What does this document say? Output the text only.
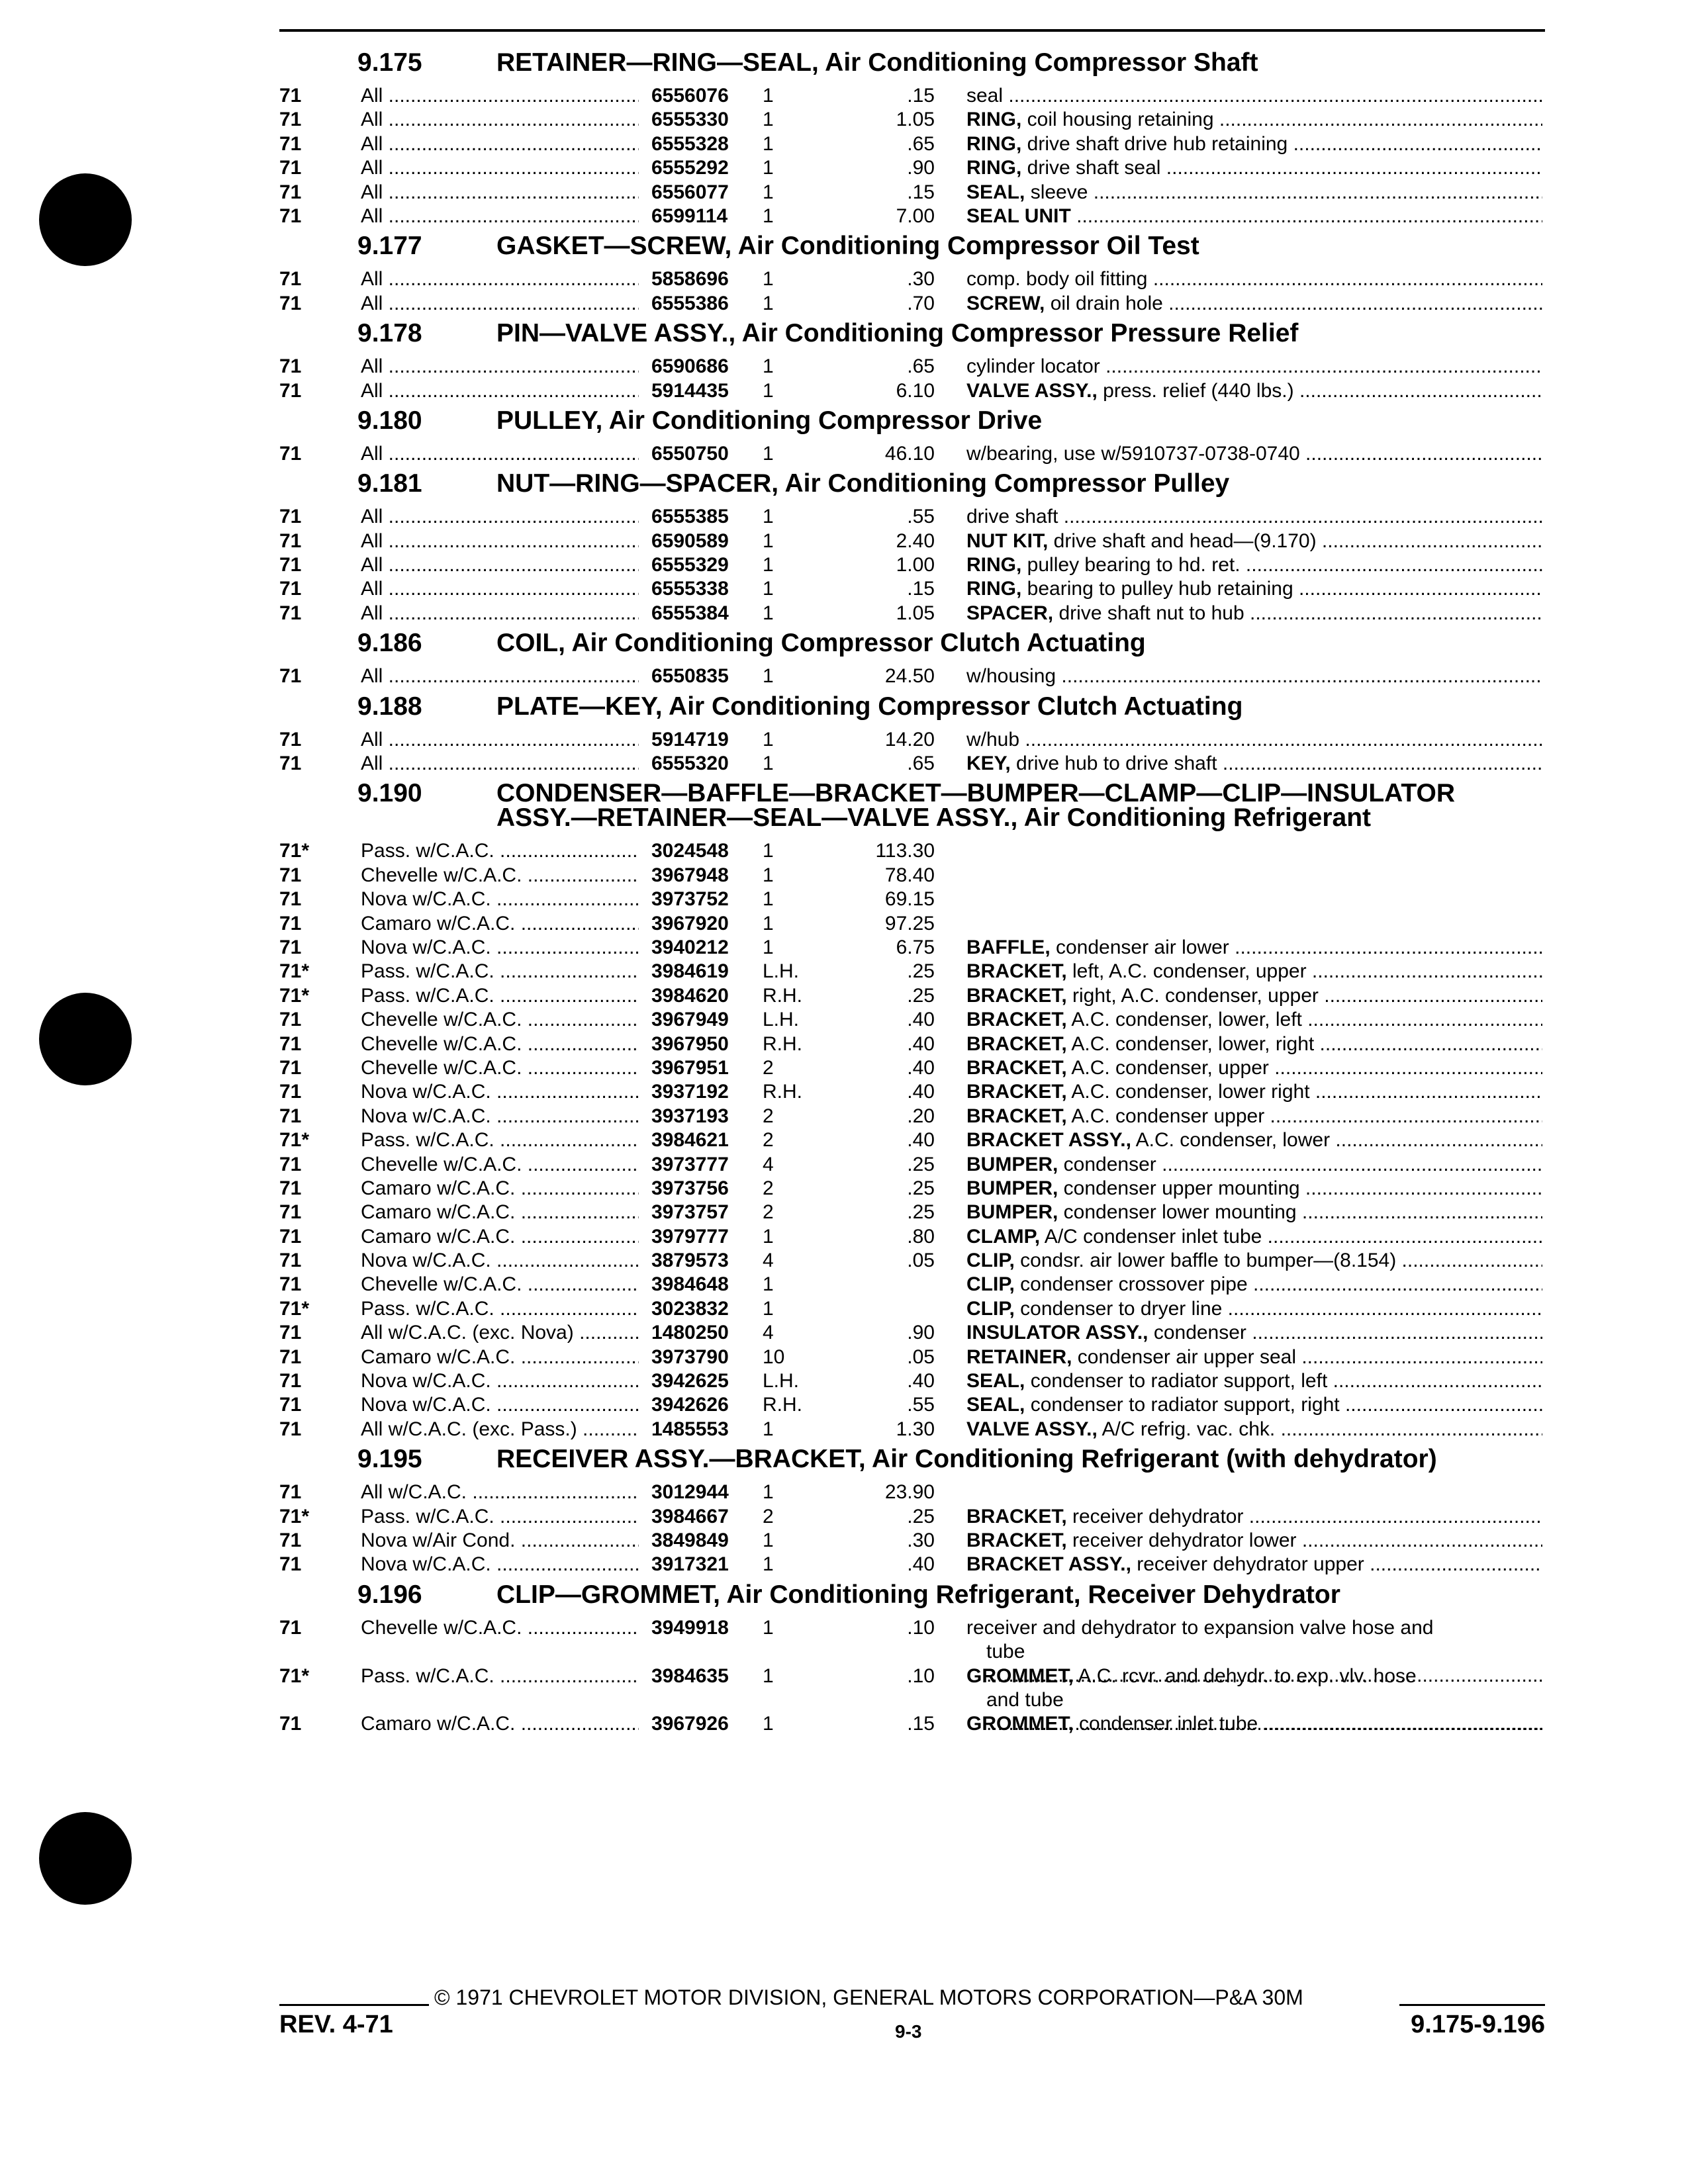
9.175	RETAINER—RING—SEAL, Air Conditioning Compressor Shaft
71	All .....	6556076	1	.15 seal .....
71	All .....	6555330	1	1.05 RING, coil housing retaining .....
71	All .....	6555328	1	.65 RING, drive shaft drive hub retaining .....
71	All .....	6555292	1	.90 RING, drive shaft seal .....
71	All .....	6556077	1	.15 SEAL, sleeve .....
71	All .....	6599114	1	7.00 SEAL UNIT .....
9.177	GASKET—SCREW, Air Conditioning Compressor Oil Test
71	All .....	5858696	1	.30 comp. body oil fitting .....
71	All .....	6555386	1	.70 SCREW, oil drain hole .....
9.178	PIN—VALVE ASSY., Air Conditioning Compressor Pressure Relief
71	All .....	6590686	1	.65 cylinder locator .....
71	All .....	5914435	1	6.10 VALVE ASSY., press. relief (440 lbs.) .....
9.180	PULLEY, Air Conditioning Compressor Drive
71	All .....	6550750	1	46.10 w/bearing, use w/5910737-0738-0740 .....
9.181	NUT—RING—SPACER, Air Conditioning Compressor Pulley
71	All .....	6555385	1	.55 drive shaft .....
71	All .....	6590589	1	2.40 NUT KIT, drive shaft and head—(9.170) .....
71	All .....	6555329	1	1.00 RING, pulley bearing to hd. ret. .....
71	All .....	6555338	1	.15 RING, bearing to pulley hub retaining .....
71	All .....	6555384	1	1.05 SPACER, drive shaft nut to hub .....
9.186	COIL, Air Conditioning Compressor Clutch Actuating
71	All .....	6550835	1	24.50 w/housing .....
9.188	PLATE—KEY, Air Conditioning Compressor Clutch Actuating
71	All .....	5914719	1	14.20 w/hub .....
71	All .....	6555320	1	.65 KEY, drive hub to drive shaft .....
9.190	CONDENSER—BAFFLE—BRACKET—BUMPER—CLAMP—CLIP—INSULATOR ASSY.—RETAINER—SEAL—VALVE ASSY., Air Conditioning Refrigerant
71*	Pass. w/C.A.C. .....	3024548	1	113.30
71	Chevelle w/C.A.C. .....	3967948	1	78.40
71	Nova w/C.A.C. .....	3973752	1	69.15
71	Camaro w/C.A.C. .....	3967920	1	97.25
71	Nova w/C.A.C. .....	3940212	1	6.75 BAFFLE, condenser air lower .....
71*	Pass. w/C.A.C. .....	3984619	L.H.	.25 BRACKET, left, A.C. condenser, upper .....
71*	Pass. w/C.A.C. .....	3984620	R.H.	.25 BRACKET, right, A.C. condenser, upper .....
71	Chevelle w/C.A.C. .....	3967949	L.H.	.40 BRACKET, A.C. condenser, lower, left .....
71	Chevelle w/C.A.C. .....	3967950	R.H.	.40 BRACKET, A.C. condenser, lower, right .....
71	Chevelle w/C.A.C. .....	3967951	2	.40 BRACKET, A.C. condenser, upper .....
71	Nova w/C.A.C. .....	3937192	R.H.	.40 BRACKET, A.C. condenser, lower right .....
71	Nova w/C.A.C. .....	3937193	2	.20 BRACKET, A.C. condenser upper .....
71*	Pass. w/C.A.C. .....	3984621	2	.40 BRACKET ASSY., A.C. condenser, lower .....
71	Chevelle w/C.A.C. .....	3973777	4	.25 BUMPER, condenser .....
71	Camaro w/C.A.C. .....	3973756	2	.25 BUMPER, condenser upper mounting .....
71	Camaro w/C.A.C. .....	3973757	2	.25 BUMPER, condenser lower mounting .....
71	Camaro w/C.A.C. .....	3979777	1	.80 CLAMP, A/C condenser inlet tube .....
71	Nova w/C.A.C. .....	3879573	4	.05 CLIP, condsr. air lower baffle to bumper—(8.154) .....
71	Chevelle w/C.A.C. .....	3984648	1	CLIP, condenser crossover pipe .....
71*	Pass. w/C.A.C. .....	3023832	1	CLIP, condenser to dryer line .....
71	All w/C.A.C. (exc. Nova) .....	1480250	4	.90 INSULATOR ASSY., condenser .....
71	Camaro w/C.A.C. .....	3973790	10	.05 RETAINER, condenser air upper seal .....
71	Nova w/C.A.C. .....	3942625	L.H.	.40 SEAL, condenser to radiator support, left .....
71	Nova w/C.A.C. .....	3942626	R.H.	.55 SEAL, condenser to radiator support, right .....
71	All w/C.A.C. (exc. Pass.) .....	1485553	1	1.30 VALVE ASSY., A/C refrig. vac. chk. .....
9.195	RECEIVER ASSY.—BRACKET, Air Conditioning Refrigerant (with dehydrator)
71	All w/C.A.C. .....	3012944	1	23.90
71*	Pass. w/C.A.C. .....	3984667	2	.25 BRACKET, receiver dehydrator .....
71	Nova w/Air Cond. .....	3849849	1	.30 BRACKET, receiver dehydrator lower .....
71	Nova w/C.A.C. .....	3917321	1	.40 BRACKET ASSY., receiver dehydrator upper .....
9.196	CLIP—GROMMET, Air Conditioning Refrigerant, Receiver Dehydrator
71	Chevelle w/C.A.C. .....	3949918	1	.10 receiver and dehydrator to expansion valve hose and
tube .....
71*	Pass. w/C.A.C. .....	3984635	1	.10 GROMMET, A.C. rcvr. and dehydr. to exp. vlv. hose
and tube .....
71	Camaro w/C.A.C. .....	3967926	1	.15 GROMMET, condenser inlet tube .....
© 1971 CHEVROLET MOTOR DIVISION, GENERAL MOTORS CORPORATION—P&A 30M
REV. 4-71	9-3	9.175-9.196
